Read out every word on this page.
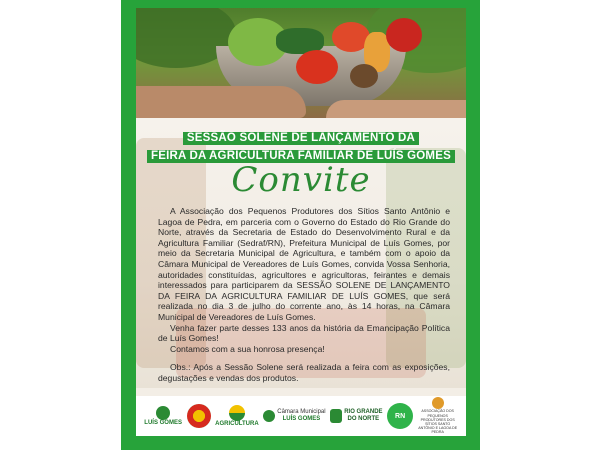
SESSÃO SOLENE DE LANÇAMENTO DA
FEIRA DA AGRICULTURA FAMILIAR DE LUÍS GOMES
Convite

A Associação dos Pequenos Produtores dos Sítios Santo Antônio e Lagoa de Pedra, em parceria com o Governo do Estado do Rio Grande do Norte, através da Secretaria de Estado do Desenvolvimento Rural e da Agricultura Familiar (Sedraf/RN), Prefeitura Municipal de Luís Gomes, por meio da Secretaria Municipal de Agricultura, e também com o apoio da Câmara Municipal de Vereadores de Luís Gomes, convida Vossa Senhoria, autoridades constituídas, agricultores e agricultoras, feirantes e demais interessados para participarem da SESSÃO SOLENE DE LANÇAMENTO DA FEIRA DA AGRICULTURA FAMILIAR DE LUÍS GOMES, que será realizada no dia 3 de julho do corrente ano, às 14 horas, na Câmara Municipal de Vereadores de Luís Gomes.

Venha fazer parte desses 133 anos da história da Emancipação Política de Luís Gomes!

Contamos com a sua honrosa presença!

Obs.: Após a Sessão Solene será realizada a feira com as exposições, degustações e vendas dos produtos.

LUÍS GOMES	AGRICULTURA
Câmara Municipal
LUÍS GOMES
RIO GRANDE
DO NORTE	RN
ASSOCIAÇÃO DOS PEQUENOS PRODUTORES DOS SÍTIOS SANTO ANTÔNIO E LAGOA DE PEDRA
